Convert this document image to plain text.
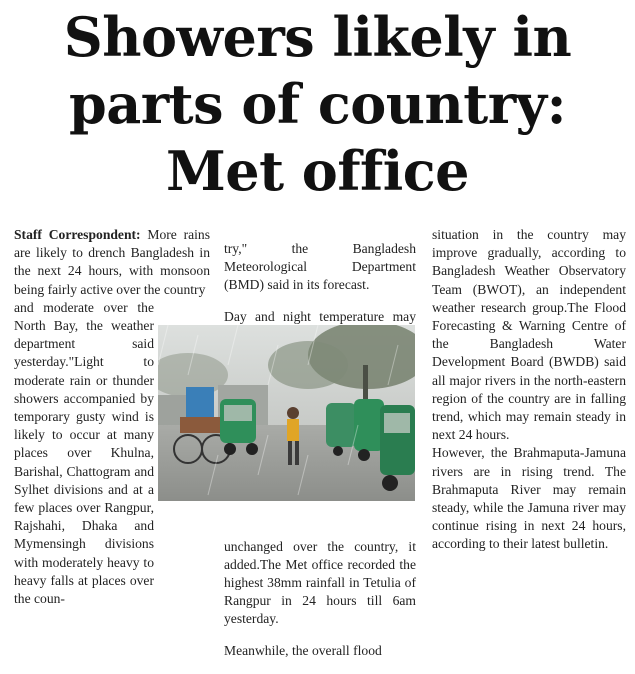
Showers likely in
parts of country:
Met office

Staff Correspondent: More rains are likely to drench Bangladesh in the next 24 hours, with monsoon being fairly active over the country

and moderate over the North Bay, the weather department said yesterday."Light to moderate rain or thunder showers accompanied by temporary gusty wind is likely to occur at many places over Khulna, Barishal, Chattogram and Sylhet divisions and at a few places over Rangpur, Rajshahi, Dhaka and Mymensingh divisions with moderately heavy to heavy falls at places over the coun-

try," the Bangladesh Meteorological Department (BMD) said in its forecast.

Day and night temperature may

unchanged over the country, it added.The Met office recorded the highest 38mm rainfall in Tetulia of Rangpur in 24 hours till 6am yesterday.

Meanwhile, the overall flood

situation in the country may improve gradually, according to Bangladesh Weather Observatory Team (BWOT), an independent weather research group.The Flood Forecasting & Warning Centre of the Bangladesh Water Development Board (BWDB) said all major rivers in the north-eastern region of the country are in falling trend, which may remain steady in next 24 hours.

However, the Brahmaputa-Jamuna rivers are in rising trend. The Brahmaputa River may remain steady, while the Jamuna river may continue rising in next 24 hours, according to their latest bulletin.
